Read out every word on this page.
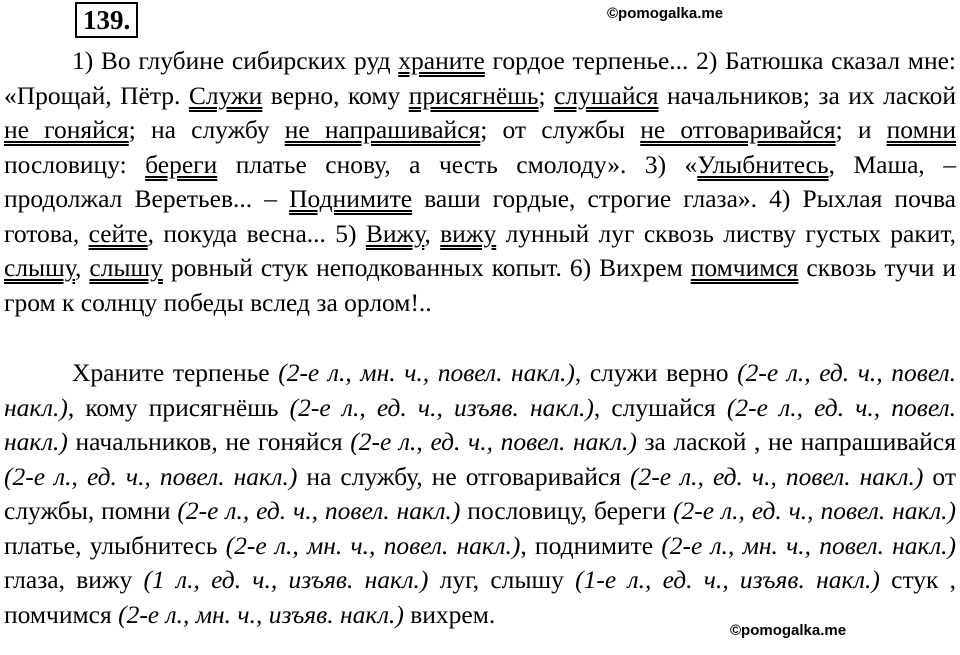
139.	©pomogalka.me
1) Во глубине сибирских руд храните гордое терпенье... 2) Батюшка сказал мне: «Прощай, Пётр. Служи верно, кому присягнёшь; слушайся начальников; за их лаской не гоняйся; на службу не напрашивайся; от службы не отговаривайся; и помни пословицу: береги платье снову, а честь смолоду». 3) «Улыбнитесь, Маша, – продолжал Веретьев... – Поднимите ваши гордые, строгие глаза». 4) Рыхлая почва готова, сейте, покуда весна... 5) Вижу, вижу лунный луг сквозь листву густых ракит, слышу, слышу ровный стук неподкованных копыт. 6) Вихрем помчимся сквозь тучи и гром к солнцу победы вслед за орлом!..
Храните терпенье (2-е л., мн. ч., повел. накл.), служи верно (2-е л., ед. ч., повел. накл.), кому присягнёшь (2-е л., ед. ч., изъяв. накл.), слушайся (2-е л., ед. ч., повел. накл.) начальников, не гоняйся (2-е л., ед. ч., повел. накл.) за лаской , не напрашивайся (2-е л., ед. ч., повел. накл.) на службу, не отговаривайся (2-е л., ед. ч., повел. накл.) от службы, помни (2-е л., ед. ч., повел. накл.) пословицу, береги (2-е л., ед. ч., повел. накл.) платье, улыбнитесь (2-е л., мн. ч., повел. накл.), поднимите (2-е л., мн. ч., повел. накл.) глаза, вижу (1 л., ед. ч., изъяв. накл.) луг, слышу (1-е л., ед. ч., изъяв. накл.) стук , помчимся (2-е л., мн. ч., изъяв. накл.) вихрем.
©pomogalka.me
